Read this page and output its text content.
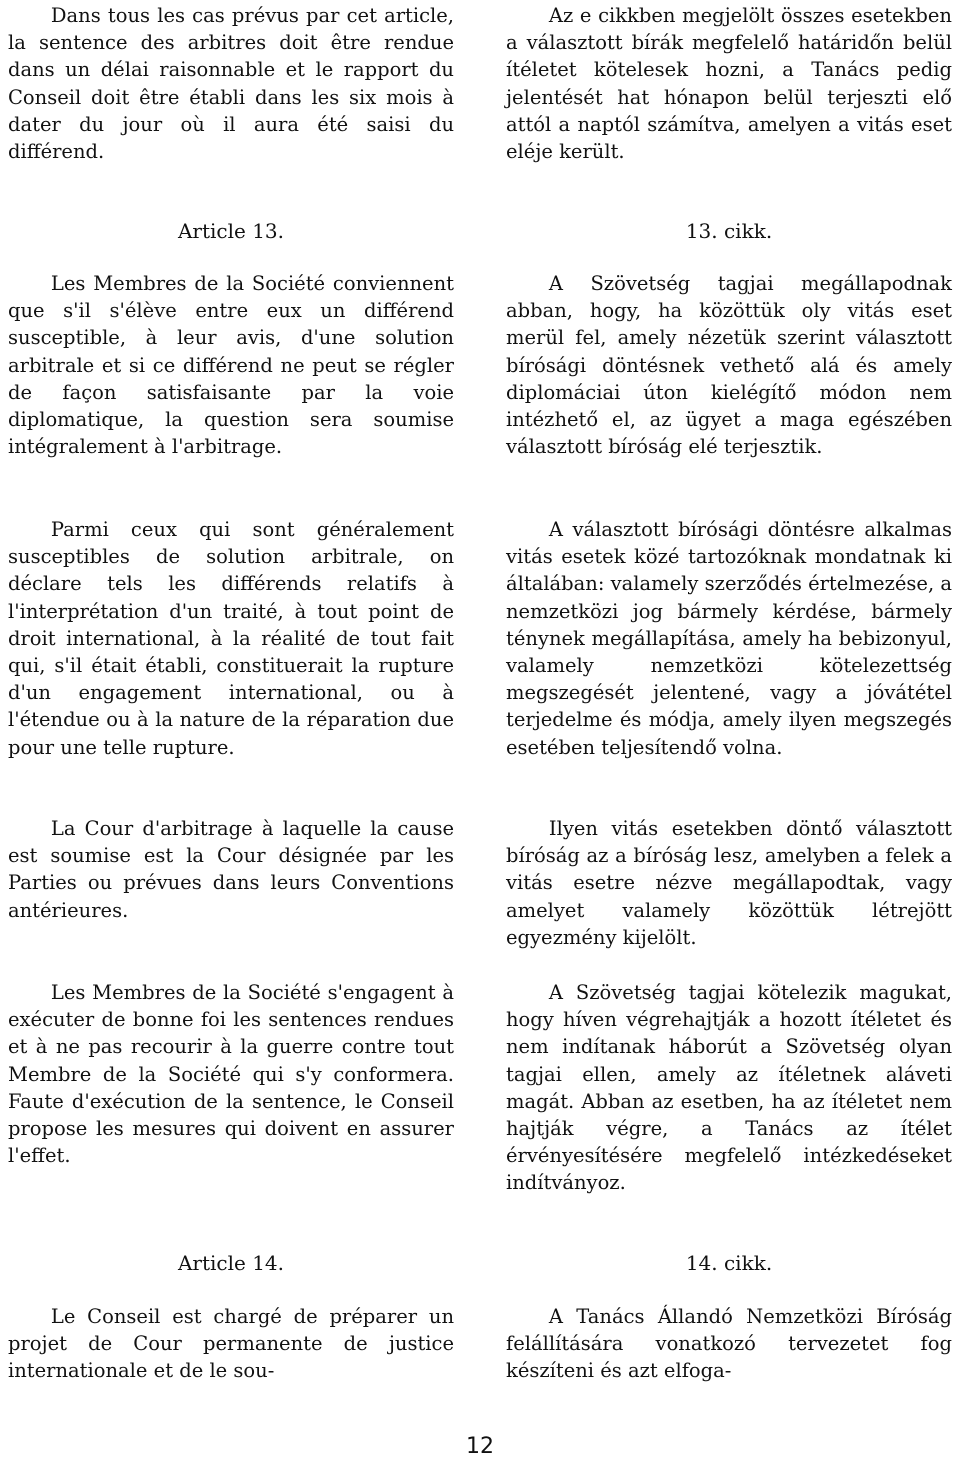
Dans tous les cas prévus par cet article, la sentence des arbitres doit être rendue dans un délai raisonnable et le rapport du Conseil doit être établi dans les six mois à dater du jour où il aura été saisi du différend.

Article 13.

Les Membres de la Société conviennent que s'il s'élève entre eux un différend susceptible, à leur avis, d'une solution arbitrale et si ce différend ne peut se régler de façon satisfaisante par la voie diplomatique, la question sera soumise intégralement à l'arbitrage.

Parmi ceux qui sont généralement susceptibles de solution arbitrale, on déclare tels les différends relatifs à l'interprétation d'un traité, à tout point de droit international, à la réalité de tout fait qui, s'il était établi, constituerait la rupture d'un engagement international, ou à l'étendue ou à la nature de la réparation due pour une telle rupture.

La Cour d'arbitrage à laquelle la cause est soumise est la Cour désignée par les Parties ou prévues dans leurs Conventions antérieures.

Les Membres de la Société s'engagent à exécuter de bonne foi les sentences rendues et à ne pas recourir à la guerre contre tout Membre de la Société qui s'y conformera. Faute d'exécution de la sentence, le Conseil propose les mesures qui doivent en assurer l'effet.

Article 14.

Le Conseil est chargé de préparer un projet de Cour permanente de justice internationale et de le sou-

Az e cikkben megjelölt összes esetekben a választott bírák megfelelő határidőn belül ítéletet kötelesek hozni, a Tanács pedig jelentését hat hónapon belül terjeszti elő attól a naptól számítva, amelyen a vitás eset eléje került.

13. cikk.

A Szövetség tagjai megállapodnak abban, hogy, ha közöttük oly vitás eset merül fel, amely nézetük szerint választott bírósági döntésnek vethető alá és amely diplomáciai úton kielégítő módon nem intézhető el, az ügyet a maga egészében választott bíróság elé terjesztik.

A választott bírósági döntésre alkalmas vitás esetek közé tartozóknak mondatnak ki általában: valamely szerződés értelmezése, a nemzetközi jog bármely kérdése, bármely ténynek megállapítása, amely ha bebizonyul, valamely nemzetközi kötelezettség megszegését jelentené, vagy a jóvátétel terjedelme és módja, amely ilyen megszegés esetében teljesítendő volna.

Ilyen vitás esetekben döntő választott bíróság az a bíróság lesz, amelyben a felek a vitás esetre nézve megállapodtak, vagy amelyet valamely közöttük létrejött egyezmény kijelölt.

A Szövetség tagjai kötelezik magukat, hogy híven végrehajtják a hozott ítéletet és nem indítanak háborút a Szövetség olyan tagjai ellen, amely az ítéletnek aláveti magát. Abban az esetben, ha az ítéletet nem hajtják végre, a Tanács az ítélet érvényesítésére megfelelő intézkedéseket indítványoz.

14. cikk.

A Tanács Állandó Nemzetközi Bíróság felállítására vonatkozó tervezetet fog készíteni és azt elfoga-

12
